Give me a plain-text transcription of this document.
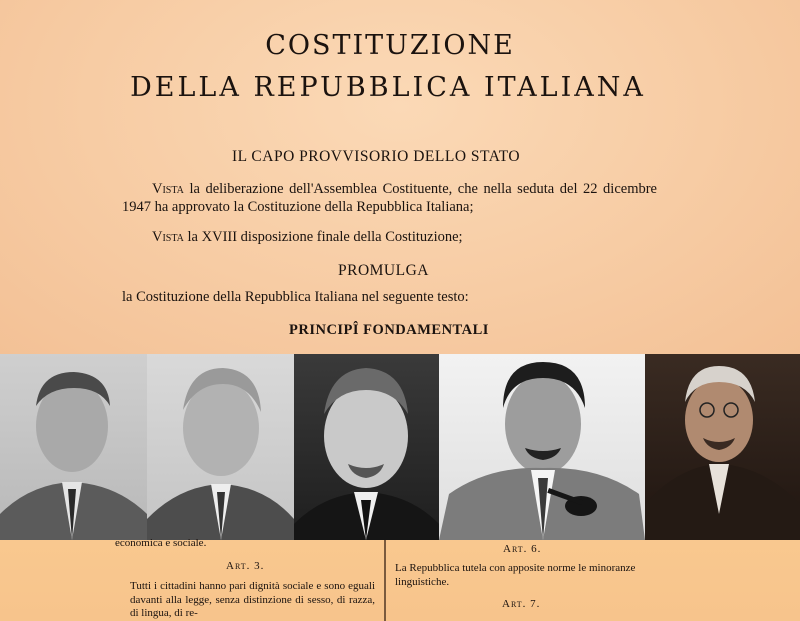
COSTITUZIONE
DELLA REPUBBLICA ITALIANA
IL CAPO PROVVISORIO DELLO STATO
Vista la deliberazione dell'Assemblea Costituente, che nella seduta del 22 dicembre 1947 ha approvato la Costituzione della Repubblica Italiana;
Vista la XVIII disposizione finale della Costituzione;
PROMULGA
la Costituzione della Repubblica Italiana nel seguente testo:
PRINCIPÎ FONDAMENTALI
economica e sociale.
Art. 3.
Tutti i cittadini hanno pari dignità sociale e sono eguali davanti alla legge, senza distinzione di sesso, di razza, di lingua, di re-
Art. 6.
La Repubblica tutela con apposite norme le minoranze linguistiche.
Art. 7.
